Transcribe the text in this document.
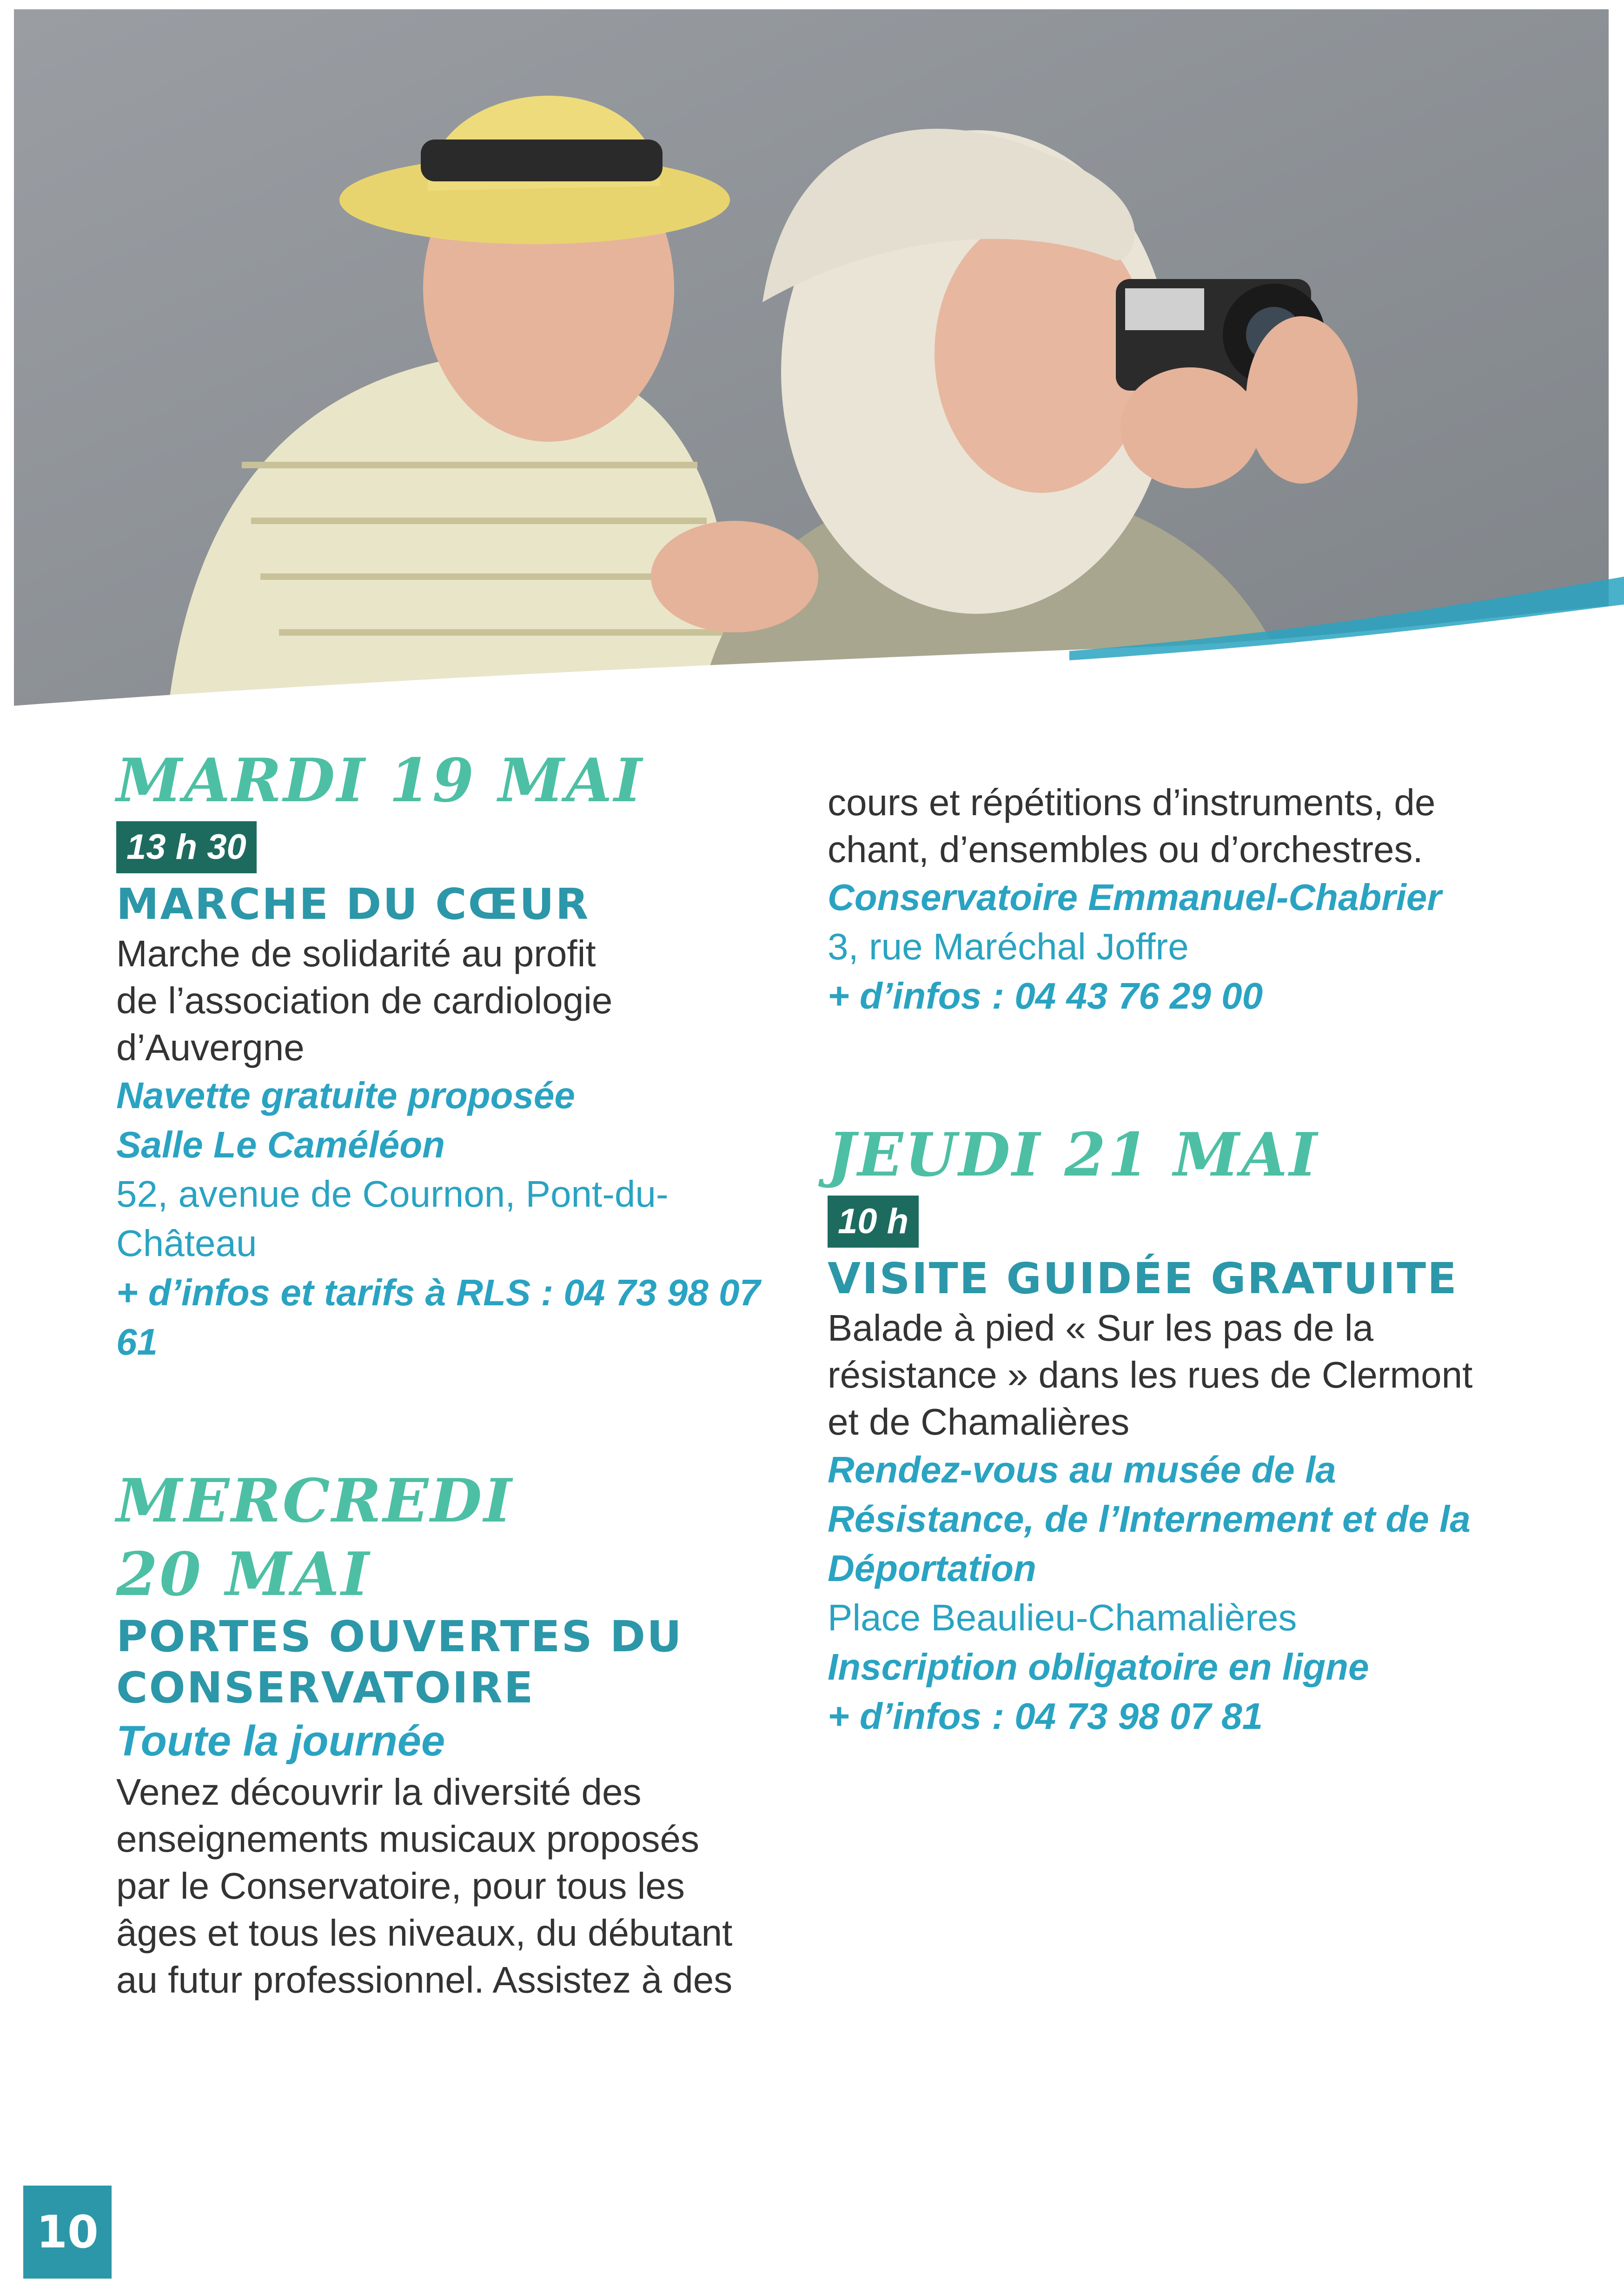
MARDI 19 MAI
13 h 30
MARCHE DU CŒUR
Marche de solidarité au profit
de l’association de cardiologie
d’Auvergne
Navette gratuite proposée
Salle Le Caméléon
52, avenue de Cournon, Pont-du-Château
+ d’infos et tarifs à RLS : 04 73 98 07 61
MERCREDI
20 MAI
PORTES OUVERTES DU
CONSERVATOIRE
Toute la journée
Venez découvrir la diversité des
enseignements musicaux proposés
par le Conservatoire, pour tous les
âges et tous les niveaux, du débutant
au futur professionnel. Assistez à des
cours et répétitions d’instruments, de
chant, d’ensembles ou d’orchestres.
Conservatoire Emmanuel-Chabrier
3, rue Maréchal Joffre
+ d’infos : 04 43 76 29 00
JEUDI 21 MAI
10 h
VISITE GUIDÉE GRATUITE
Balade à pied « Sur les pas de la
résistance » dans les rues de Clermont
et de Chamalières
Rendez-vous au musée de la
Résistance, de l’Internement et de la
Déportation
Place Beaulieu-Chamalières
Inscription obligatoire en ligne
+ d’infos : 04 73 98 07 81
10
